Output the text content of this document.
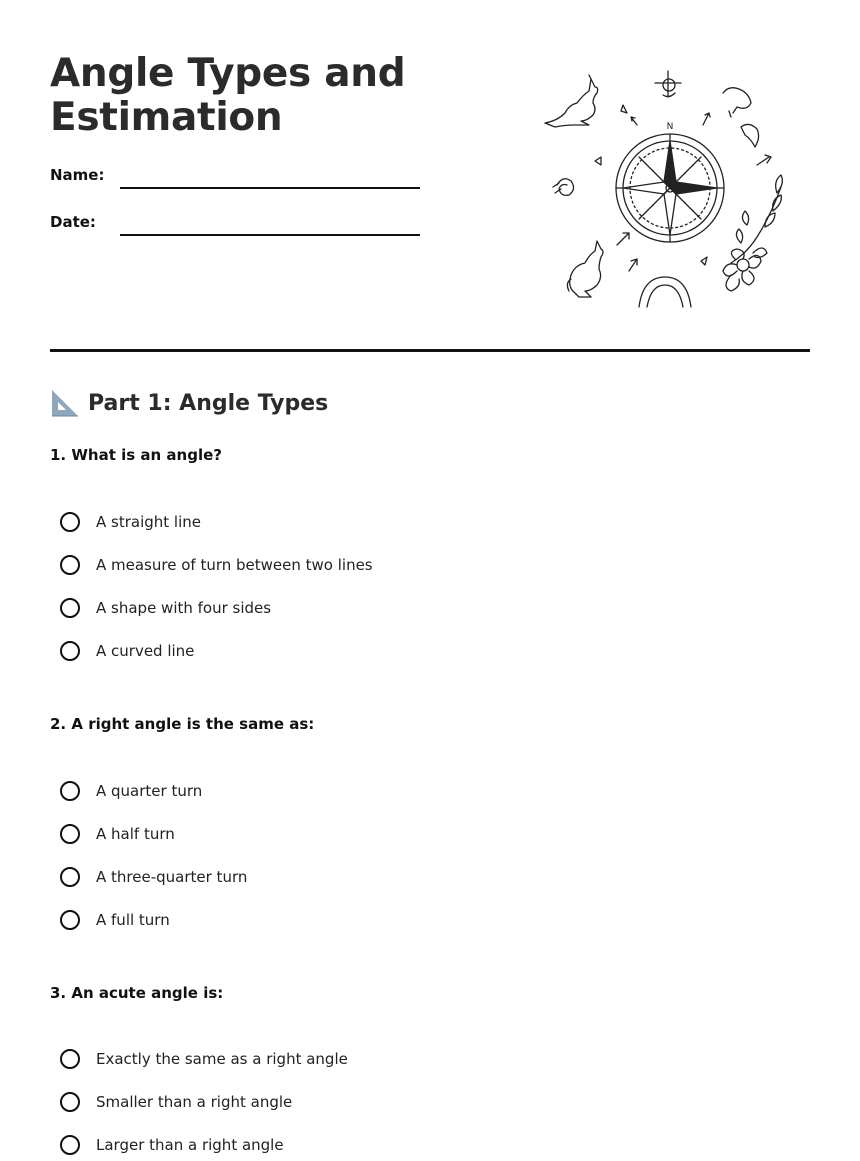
Angle Types and Estimation
Name:
Date:
N
Part 1: Angle Types
1. What is an angle?
A straight line
A measure of turn between two lines
A shape with four sides
A curved line
2. A right angle is the same as:
A quarter turn
A half turn
A three-quarter turn
A full turn
3. An acute angle is:
Exactly the same as a right angle
Smaller than a right angle
Larger than a right angle
